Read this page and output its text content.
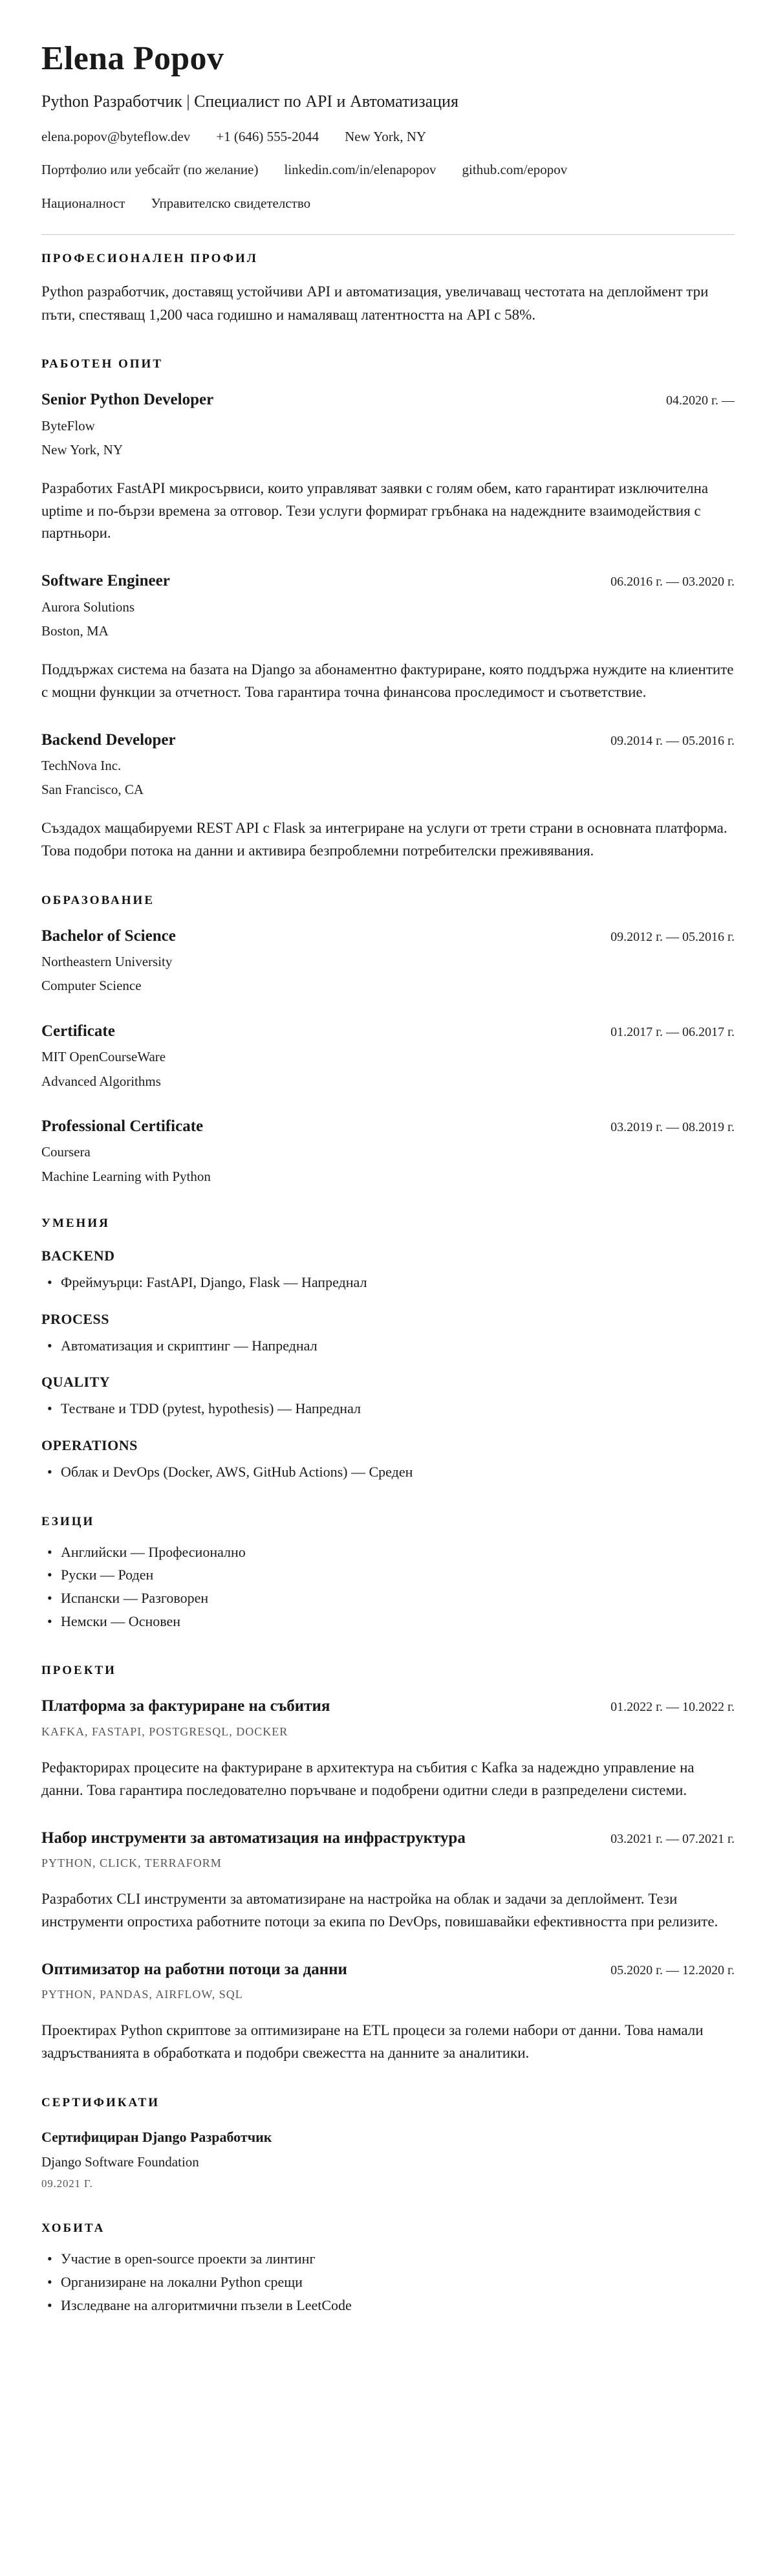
Elena Popov
Python Разработчик | Специалист по API и Автоматизация
elena.popov@byteflow.dev +1 (646) 555-2044 New York, NY
Портфолио или уебсайт (по желание) linkedin.com/in/elenapopov github.com/epopov
Националност Управителско свидетелство
ПРОФЕСИОНАЛЕН ПРОФИЛ

Python разработчик, доставящ устойчиви API и автоматизация, увеличаващ честотата на деплоймент три пъти, спестяващ 1,200 часа годишно и намаляващ латентността на API с 58%.

РАБОТЕН ОПИТ
Senior Python Developer	04.2020 г. —
ByteFlow
New York, NY

Разработих FastAPI микросървиси, които управляват заявки с голям обем, като гарантират изключителна uptime и по-бързи времена за отговор. Тези услуги формират гръбнака на надеждните взаимодействия с партньори.

Software Engineer	06.2016 г. — 03.2020 г.
Aurora Solutions
Boston, MA

Поддържах система на базата на Django за абонаментно фактуриране, която поддържа нуждите на клиентите с мощни функции за отчетност. Това гарантира точна финансова проследимост и съответствие.

Backend Developer	09.2014 г. — 05.2016 г.
TechNova Inc.
San Francisco, CA

Създадох мащабируеми REST API с Flask за интегриране на услуги от трети страни в основната платформа. Това подобри потока на данни и активира безпроблемни потребителски преживявания.

ОБРАЗОВАНИЕ
Bachelor of Science	09.2012 г. — 05.2016 г.
Northeastern University
Computer Science
Certificate	01.2017 г. — 06.2017 г.
MIT OpenCourseWare
Advanced Algorithms
Professional Certificate	03.2019 г. — 08.2019 г.
Coursera
Machine Learning with Python
УМЕНИЯ
BACKEND
• Фреймуърци: FastAPI, Django, Flask — Напреднал
PROCESS
• Автоматизация и скриптинг — Напреднал
QUALITY
• Тестване и TDD (pytest, hypothesis) — Напреднал
OPERATIONS
• Облак и DevOps (Docker, AWS, GitHub Actions) — Среден
ЕЗИЦИ
• Английски — Професионално
• Руски — Роден
• Испански — Разговорен
• Немски — Основен
ПРОЕКТИ
Платформа за фактуриране на събития	01.2022 г. — 10.2022 г.
KAFKA, FASTAPI, POSTGRESQL, DOCKER

Рефакторирах процесите на фактуриране в архитектура на събития с Kafka за надеждно управление на данни. Това гарантира последователно поръчване и подобрени одитни следи в разпределени системи.

Набор инструменти за автоматизация на инфраструктура	03.2021 г. — 07.2021 г.
PYTHON, CLICK, TERRAFORM

Разработих CLI инструменти за автоматизиране на настройка на облак и задачи за деплоймент. Тези инструменти опростиха работните потоци за екипа по DevOps, повишавайки ефективността при релизите.

Оптимизатор на работни потоци за данни	05.2020 г. — 12.2020 г.
PYTHON, PANDAS, AIRFLOW, SQL

Проектирах Python скриптове за оптимизиране на ETL процеси за големи набори от данни. Това намали задръстванията в обработката и подобри свежестта на данните за аналитики.

СЕРТИФИКАТИ
Сертифициран Django Разработчик
Django Software Foundation
09.2021 Г.
ХОБИТА
• Участие в open-source проекти за линтинг
• Организиране на локални Python срещи
• Изследване на алгоритмични пъзели в LeetCode
